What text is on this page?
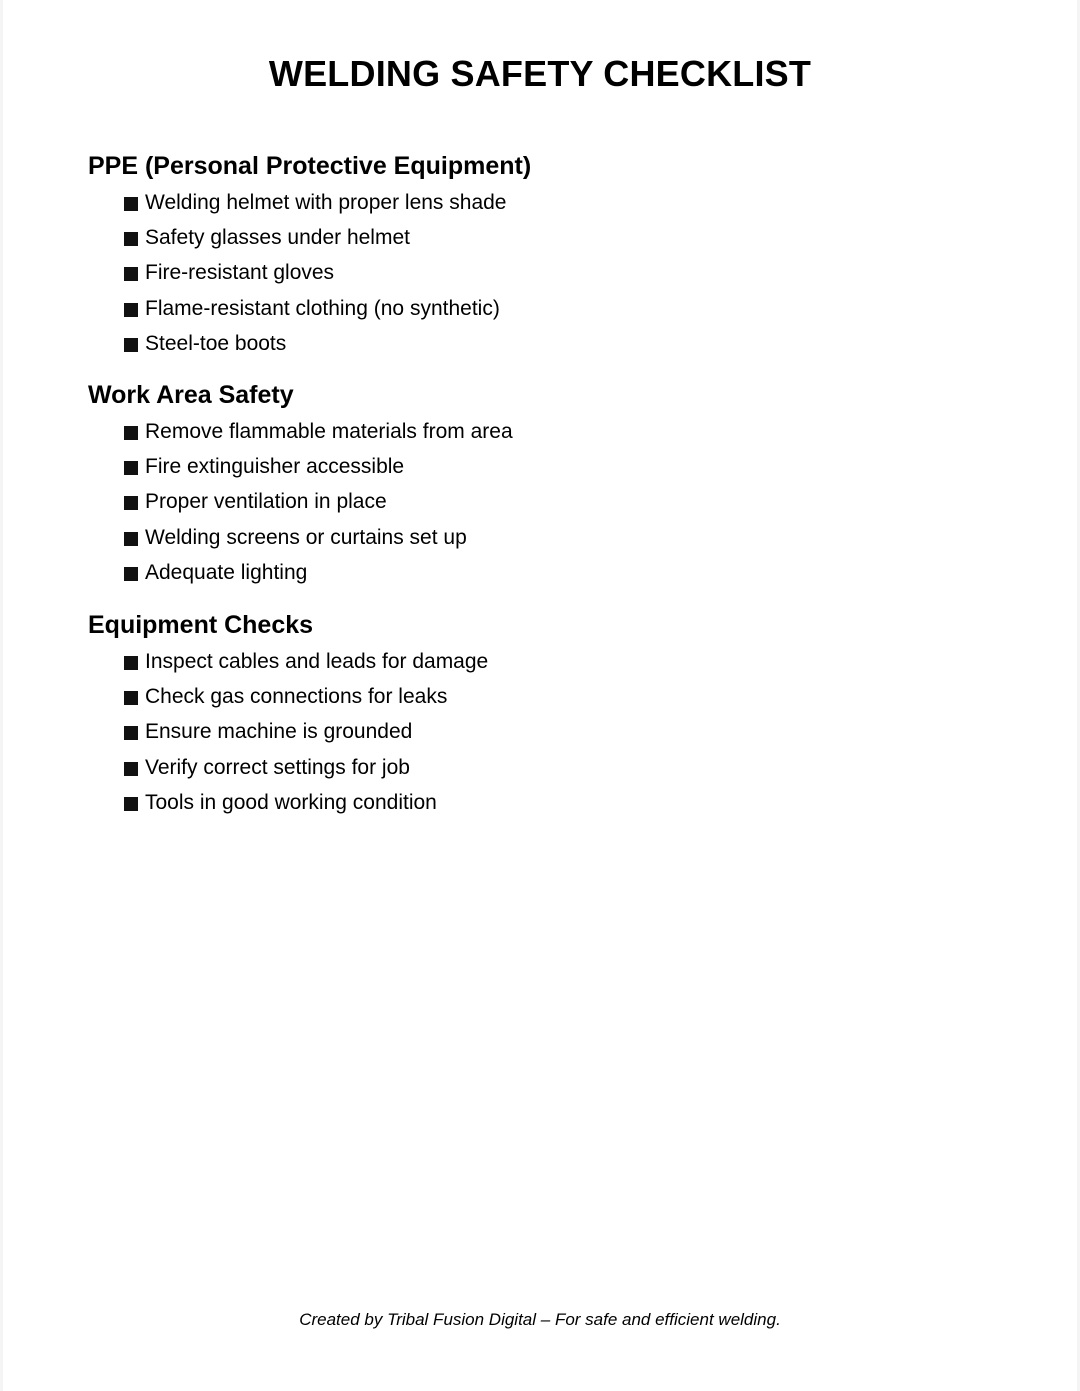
WELDING SAFETY CHECKLIST
PPE (Personal Protective Equipment)
Welding helmet with proper lens shade
Safety glasses under helmet
Fire-resistant gloves
Flame-resistant clothing (no synthetic)
Steel-toe boots
Work Area Safety
Remove flammable materials from area
Fire extinguisher accessible
Proper ventilation in place
Welding screens or curtains set up
Adequate lighting
Equipment Checks
Inspect cables and leads for damage
Check gas connections for leaks
Ensure machine is grounded
Verify correct settings for job
Tools in good working condition
Created by Tribal Fusion Digital – For safe and efficient welding.
